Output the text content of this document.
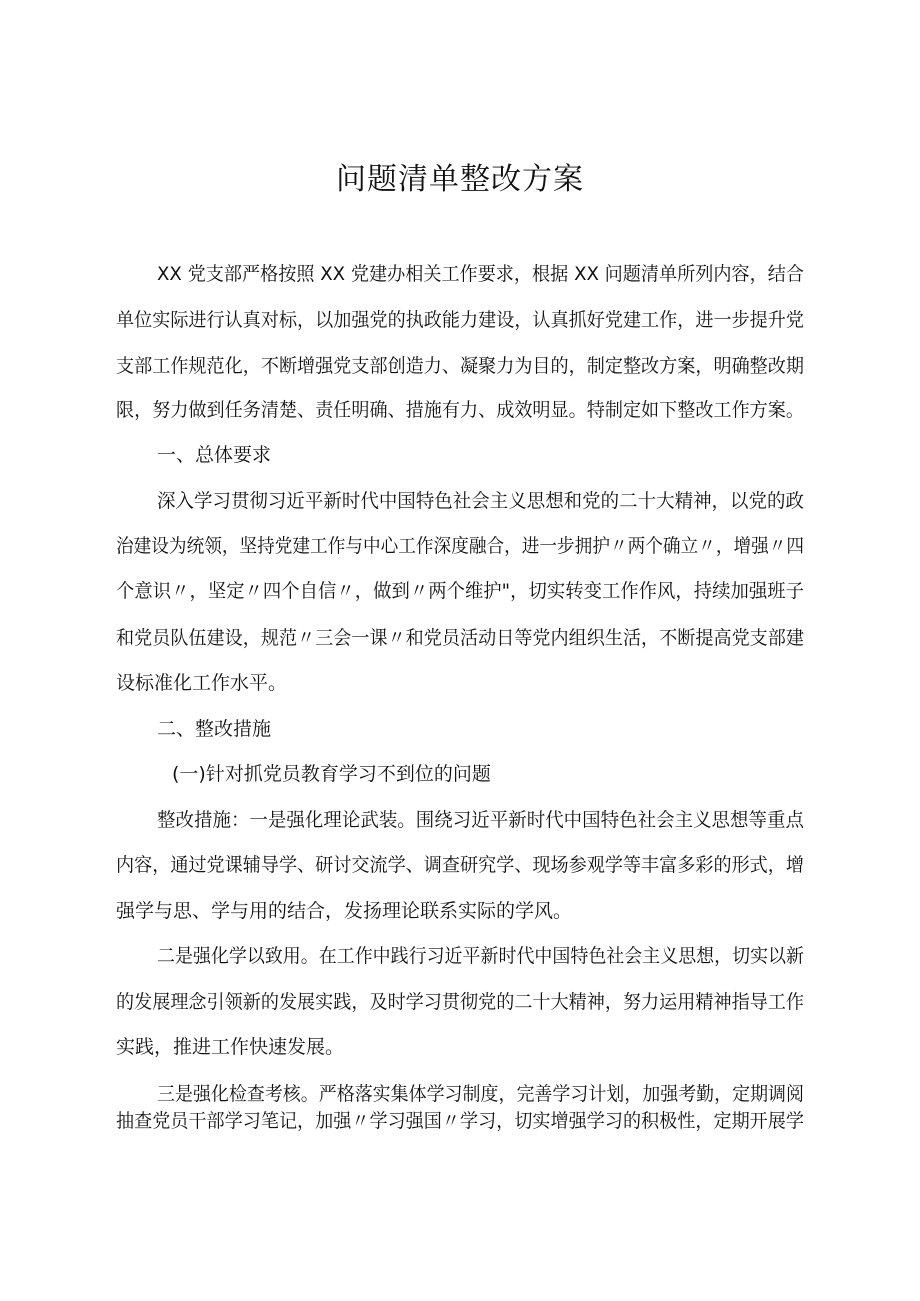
问题清单整改方案
XX 党支部严格按照 XX 党建办相关工作要求，根据 XX 问题清单所列内容，结合
单位实际进行认真对标，以加强党的执政能力建设，认真抓好党建工作，进一步提升党
支部工作规范化，不断增强党支部创造力、凝聚力为目的，制定整改方案，明确整改期
限，努力做到任务清楚、责任明确、措施有力、成效明显。特制定如下整改工作方案。
一、总体要求
深入学习贯彻习近平新时代中国特色社会主义思想和党的二十大精神，以党的政
治建设为统领，坚持党建工作与中心工作深度融合，进一步拥护〃两个确立〃，增强〃四
个意识〃，坚定〃四个自信〃，做到〃两个维护"，切实转变工作作风，持续加强班子
和党员队伍建设，规范〃三会一课〃和党员活动日等党内组织生活，不断提高党支部建
设标准化工作水平。
二、整改措施
(一)针对抓党员教育学习不到位的问题
整改措施：一是强化理论武装。围绕习近平新时代中国特色社会主义思想等重点
内容，通过党课辅导学、研讨交流学、调查研究学、现场参观学等丰富多彩的形式，增
强学与思、学与用的结合，发扬理论联系实际的学风。
二是强化学以致用。在工作中践行习近平新时代中国特色社会主义思想，切实以新
的发展理念引领新的发展实践，及时学习贯彻党的二十大精神，努力运用精神指导工作
实践，推进工作快速发展。
三是强化检查考核。严格落实集体学习制度，完善学习计划，加强考勤，定期调阅
抽查党员干部学习笔记，加强〃学习强国〃学习，切实增强学习的积极性，定期开展学
